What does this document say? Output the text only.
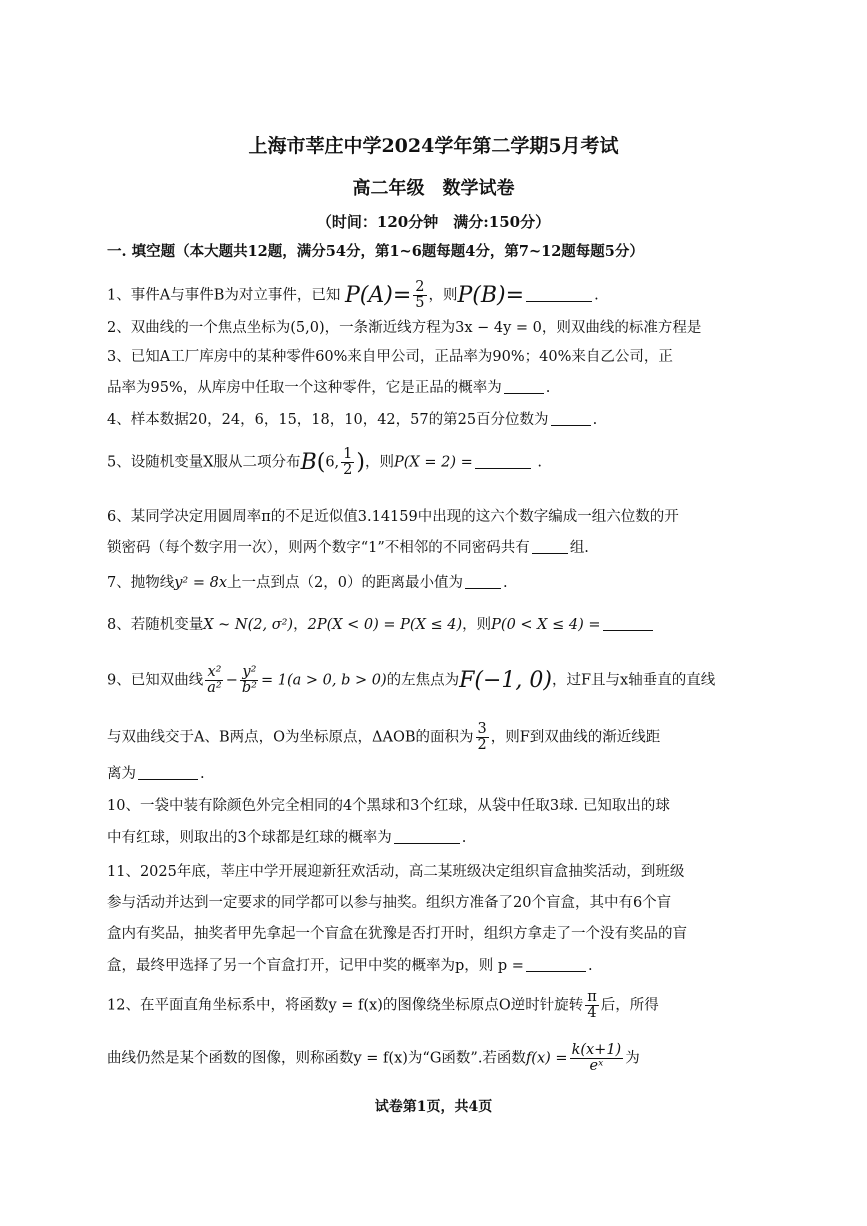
上海市莘庄中学2024学年第二学期5月考试
高二年级　数学试卷
（时间：120分钟　满分:150分）
一. 填空题（本大题共12题，满分54分，第1~6题每题4分，第7~12题每题5分）
1、事件A与事件B为对立事件，已知 $P(A)= \frac{2}{5}$ ，则P(B)=	.
2、双曲线的一个焦点坐标为(5,0)，一条渐近线方程为3x − 4y = 0，则双曲线的标准方程是
3、已知A工厂库房中的某种零件60%来自甲公司，正品率为90%；40%来自乙公司，正
品率为95%，从库房中任取一个这种零件，它是正品的概率为	.
4、样本数据20，24，6，15，18，10，42，57的第25百分位数为	.
5、设随机变量X服从二项分布B(6, $\frac{1}{2}$ )，则P(X = 2) =	.
6、某同学决定用圆周率π的不足近似值3.14159中出现的这六个数字编成一组六位数的开
锁密码（每个数字用一次），则两个数字“1”不相邻的不同密码共有	组.
7、抛物线y² = 8x上一点到点（2，0）的距离最小值为	.
8、若随机变量X ~ N(2, σ²)，2P(X < 0) = P(X ≤ 4)，则P(0 < X ≤ 4) =
9、已知双曲线 $\frac{\text{x²}}{\text{a²}} - \frac{\text{y²}}{\text{b²}} = 1(a > 0$, b > 0)的左焦点为F(−1, 0)，过F且与x轴垂直的直线
与双曲线交于A、B两点，O为坐标原点，ΔAOB的面积为 $\frac{3}{2}$ ，则F到双曲线的渐近线距
离为	.
10、一袋中装有除颜色外完全相同的4个黑球和3个红球，从袋中任取3球. 已知取出的球
中有红球，则取出的3个球都是红球的概率为	.
11、2025年底，莘庄中学开展迎新狂欢活动，高二某班级决定组织盲盒抽奖活动，到班级
参与活动并达到一定要求的同学都可以参与抽奖。组织方准备了20个盲盒，其中有6个盲
盒内有奖品，抽奖者甲先拿起一个盲盒在犹豫是否打开时，组织方拿走了一个没有奖品的盲
盒，最终甲选择了另一个盲盒打开，记甲中奖的概率为p，则 p =	.
12、在平面直角坐标系中，将函数y = f(x)的图像绕坐标原点O逆时针旋转 $\frac{\pi}{4}$ 后，所得
曲线仍然是某个函数的图像，则称函数y = f(x)为“G函数”.若函数$f(x) = \frac{k(x+1)}{\text{eˣ}}$ 为
试卷第1页，共4页
